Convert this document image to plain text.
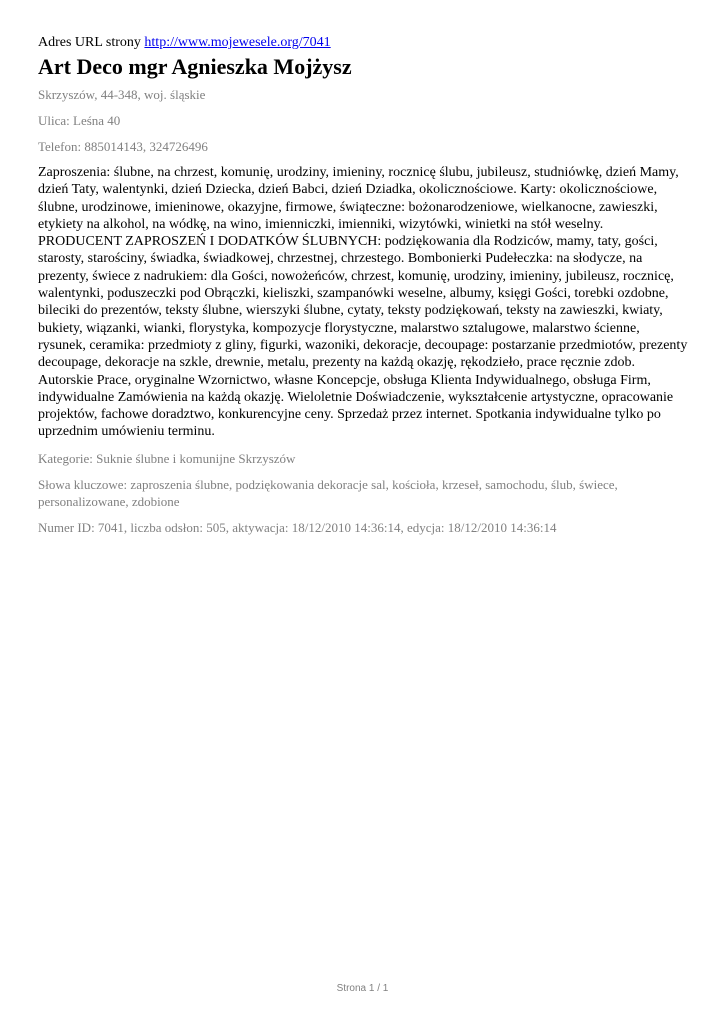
Adres URL strony http://www.mojewesele.org/7041

Art Deco mgr Agnieszka Mojżysz

Skrzyszów, 44-348, woj. śląskie

Ulica: Leśna 40

Telefon: 885014143, 324726496

Zaproszenia: ślubne, na chrzest, komunię, urodziny, imieniny, rocznicę ślubu, jubileusz, studniówkę, dzień Mamy, dzień Taty, walentynki, dzień Dziecka, dzień Babci, dzień Dziadka, okolicznościowe. Karty: okolicznościowe, ślubne, urodzinowe, imieninowe, okazyjne, firmowe, świąteczne: bożonarodzeniowe, wielkanocne, zawieszki, etykiety na alkohol, na wódkę, na wino, imienniczki, imienniki, wizytówki, winietki na stół weselny. PRODUCENT ZAPROSZEŃ I DODATKÓW ŚLUBNYCH: podziękowania dla Rodziców, mamy, taty, gości, starosty, starościny, świadka, świadkowej, chrzestnej, chrzestego. Bombonierki Pudełeczka: na słodycze, na prezenty, świece z nadrukiem: dla Gości, nowożeńców, chrzest, komunię, urodziny, imieniny, jubileusz, rocznicę, walentynki, poduszeczki pod Obrączki, kieliszki, szampanówki weselne, albumy, księgi Gości, torebki ozdobne, bileciki do prezentów, teksty ślubne, wierszyki ślubne, cytaty, teksty podziękowań, teksty na zawieszki, kwiaty, bukiety, wiązanki, wianki, florystyka, kompozycje florystyczne, malarstwo sztalugowe, malarstwo ścienne, rysunek, ceramika: przedmioty z gliny, figurki, wazoniki, dekoracje, decoupage: postarzanie przedmiotów, prezenty decoupage, dekoracje na szkle, drewnie, metalu, prezenty na każdą okazję, rękodzieło, prace ręcznie zdob. Autorskie Prace, oryginalne Wzornictwo, własne Koncepcje, obsługa Klienta Indywidualnego, obsługa Firm, indywidualne Zamówienia na każdą okazję. Wieloletnie Doświadczenie, wykształcenie artystyczne, opracowanie projektów, fachowe doradztwo, konkurencyjne ceny. Sprzedaż przez internet. Spotkania indywidualne tylko po uprzednim umówieniu terminu.

Kategorie: Suknie ślubne i komunijne Skrzyszów

Słowa kluczowe: zaproszenia ślubne, podziękowania dekoracje sal, kościoła, krzeseł, samochodu, ślub, świece, personalizowane, zdobione

Numer ID: 7041, liczba odsłon: 505, aktywacja: 18/12/2010 14:36:14, edycja: 18/12/2010 14:36:14

Strona 1 / 1
